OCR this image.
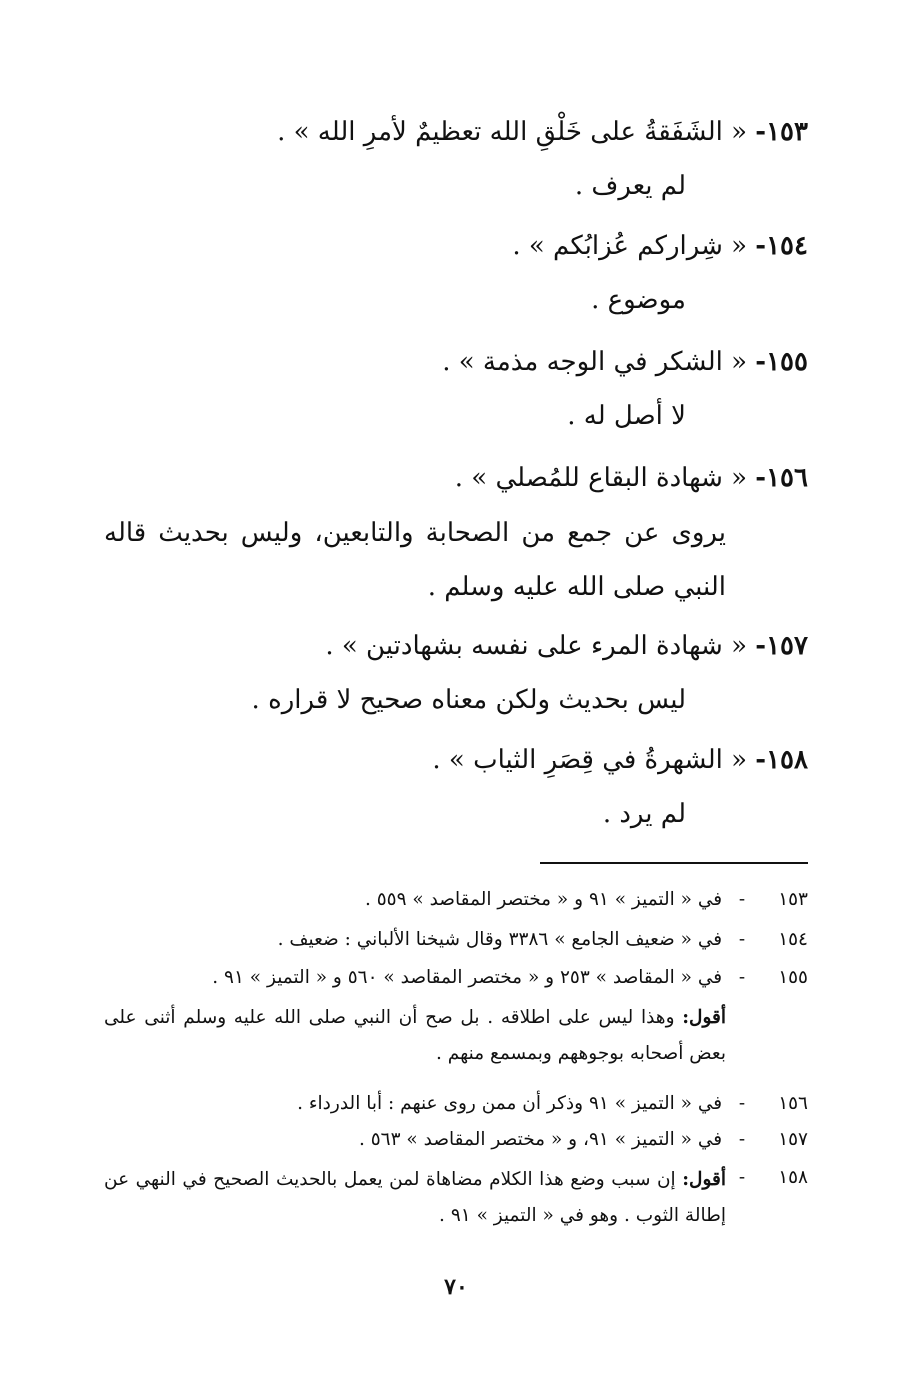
١٥٣- « الشَفَقةُ على خَلْقِ الله تعظيمٌ لأمرِ الله » .
لم يعرف .
١٥٤- « شِراركم عُزابُكم » .
موضوع .
١٥٥- « الشكر في الوجه مذمة » .
لا أصل له .
١٥٦- « شهادة البقاع للمُصلي » .
يروى عن جمع من الصحابة والتابعين، وليس بحديث قاله النبي صلى الله عليه وسلم .
١٥٧- « شهادة المرء على نفسه بشهادتين » .
ليس بحديث ولكن معناه صحيح لا قراره .
١٥٨- « الشهرةُ في قِصَرِ الثياب » .
لم يرد .
١٥٣- في « التميز » ٩١ و « مختصر المقاصد » ٥٥٩ .
١٥٤- في « ضعيف الجامع » ٣٣٨٦ وقال شيخنا الألباني : ضعيف .
١٥٥- في « المقاصد » ٢٥٣ و « مختصر المقاصد » ٥٦٠ و « التميز » ٩١ .
أقول: وهذا ليس على اطلاقه . بل صح أن النبي صلى الله عليه وسلم أثنى على بعض أصحابه بوجوههم وبمسمع منهم .
١٥٦- في « التميز » ٩١ وذكر أن ممن روى عنهم : أبا الدرداء .
١٥٧- في « التميز » ٩١، و « مختصر المقاصد » ٥٦٣ .
١٥٨-
أقول: إن سبب وضع هذا الكلام مضاهاة لمن يعمل بالحديث الصحيح في النهي عن إطالة الثوب . وهو في « التميز » ٩١ .
٧٠
